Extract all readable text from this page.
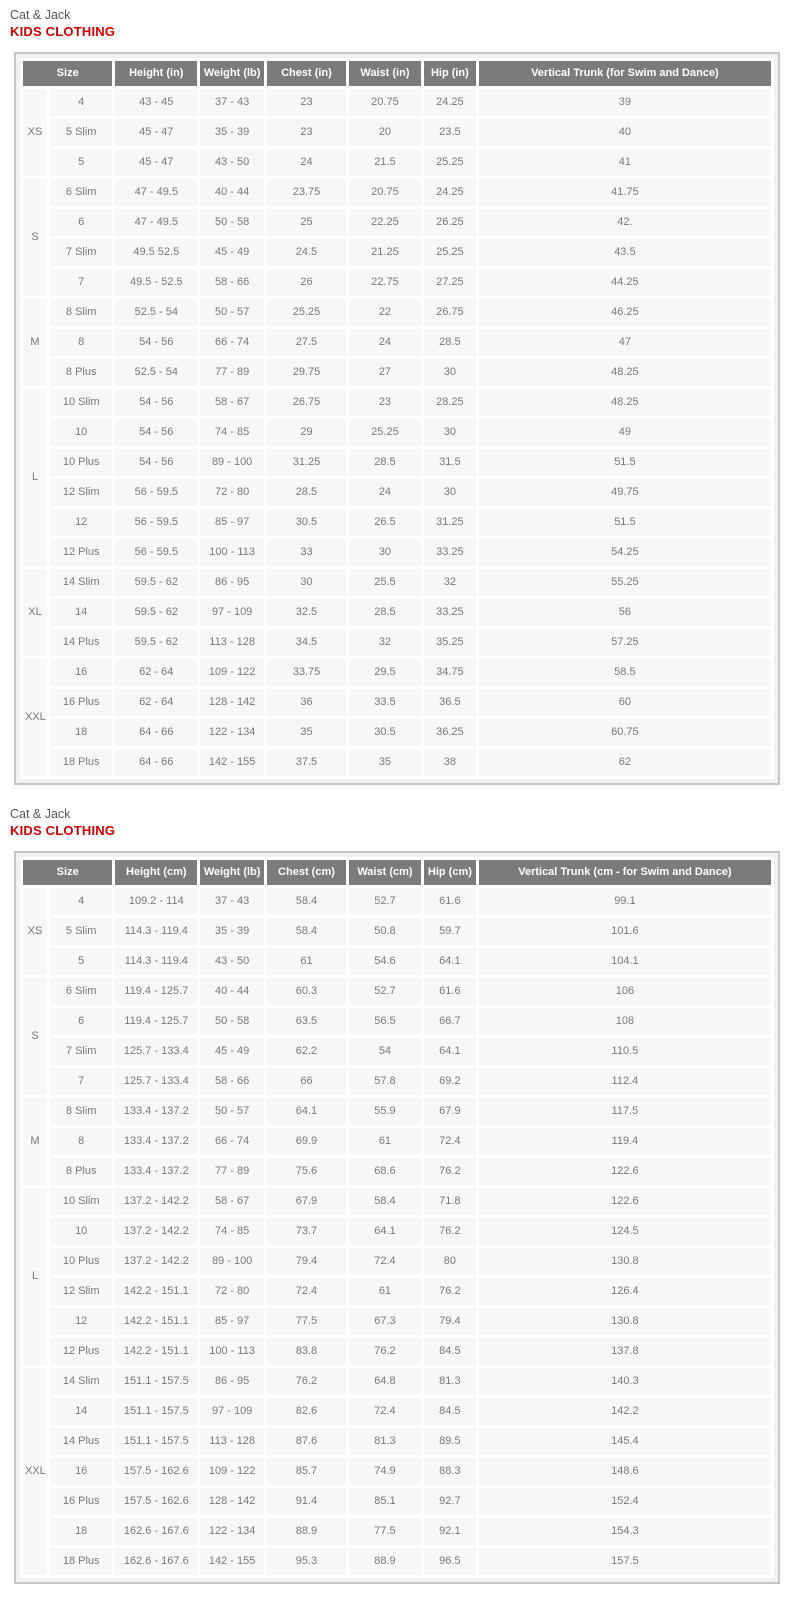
Cat & Jack
KIDS CLOTHING
Size		Height (in)	Weight (lb)	Chest (in)	Waist (in)	Hip (in)	Vertical Trunk (for Swim and Dance)
XS	4	43 - 45	37 - 43	23	20.75	24.25	39
	5 Slim	45 - 47	35 - 39	23	20	23.5	40
	5	45 - 47	43 - 50	24	21.5	25.25	41
S	6 Slim	47 - 49.5	40 - 44	23.75	20.75	24.25	41.75
	6	47 - 49.5	50 - 58	25	22.25	26.25	42.
	7 Slim	49.5 52.5	45 - 49	24.5	21.25	25.25	43.5
	7	49.5 - 52.5	58 - 66	26	22.75	27.25	44.25
M	8 Slim	52.5 - 54	50 - 57	25.25	22	26.75	46.25
	8	54 - 56	66 - 74	27.5	24	28.5	47
	8 Plus	52.5 - 54	77 - 89	29.75	27	30	48.25
L	10 Slim	54 - 56	58 - 67	26.75	23	28.25	48.25
	10	54 - 56	74 - 85	29	25.25	30	49
	10 Plus	54 - 56	89 - 100	31.25	28.5	31.5	51.5
	12 Slim	56 - 59.5	72 - 80	28.5	24	30	49.75
	12	56 - 59.5	85 - 97	30.5	26.5	31.25	51.5
	12 Plus	56 - 59.5	100 - 113	33	30	33.25	54.25
XL	14 Slim	59.5 - 62	86 - 95	30	25.5	32	55.25
	14	59.5 - 62	97 - 109	32.5	28.5	33.25	56
	14 Plus	59.5 - 62	113 - 128	34.5	32	35.25	57.25
XXL	16	62 - 64	109 - 122	33.75	29.5	34.75	58.5
	16 Plus	62 - 64	128 - 142	36	33.5	36.5	60
	18	64 - 66	122 - 134	35	30.5	36.25	60.75
	18 Plus	64 - 66	142 - 155	37.5	35	38	62
Cat & Jack
KIDS CLOTHING
Size		Height (cm)	Weight (lb)	Chest (cm)	Waist (cm)	Hip (cm)	Vertical Trunk (cm - for Swim and Dance)
XS	4	109.2 - 114	37 - 43	58.4	52.7	61.6	99.1
	5 Slim	114.3 - 119.4	35 - 39	58.4	50.8	59.7	101.6
	5	114.3 - 119.4	43 - 50	61	54.6	64.1	104.1
S	6 Slim	119.4 - 125.7	40 - 44	60.3	52.7	61.6	106
	6	119.4 - 125.7	50 - 58	63.5	56.5	66.7	108
	7 Slim	125.7 - 133.4	45 - 49	62.2	54	64.1	110.5
	7	125.7 - 133.4	58 - 66	66	57.8	69.2	112.4
M	8 Slim	133.4 - 137.2	50 - 57	64.1	55.9	67.9	117.5
	8	133.4 - 137.2	66 - 74	69.9	61	72.4	119.4
	8 Plus	133.4 - 137.2	77 - 89	75.6	68.6	76.2	122.6
L	10 Slim	137.2 - 142.2	58 - 67	67.9	58.4	71.8	122.6
	10	137.2 - 142.2	74 - 85	73.7	64.1	76.2	124.5
	10 Plus	137.2 - 142.2	89 - 100	79.4	72.4	80	130.8
	12 Slim	142.2 - 151.1	72 - 80	72.4	61	76.2	126.4
	12	142.2 - 151.1	85 - 97	77.5	67.3	79.4	130.8
	12 Plus	142.2 - 151.1	100 - 113	83.8	76.2	84.5	137.8
XXL	14 Slim	151.1 - 157.5	86 - 95	76.2	64.8	81.3	140.3
	14	151.1 - 157.5	97 - 109	82.6	72.4	84.5	142.2
	14 Plus	151.1 - 157.5	113 - 128	87.6	81.3	89.5	145.4
	16	157.5 - 162.6	109 - 122	85.7	74.9	88.3	148.6
	16 Plus	157.5 - 162.6	128 - 142	91.4	85.1	92.7	152.4
	18	162.6 - 167.6	122 - 134	88.9	77.5	92.1	154.3
	18 Plus	162.6 - 167.6	142 - 155	95.3	88.9	96.5	157.5
